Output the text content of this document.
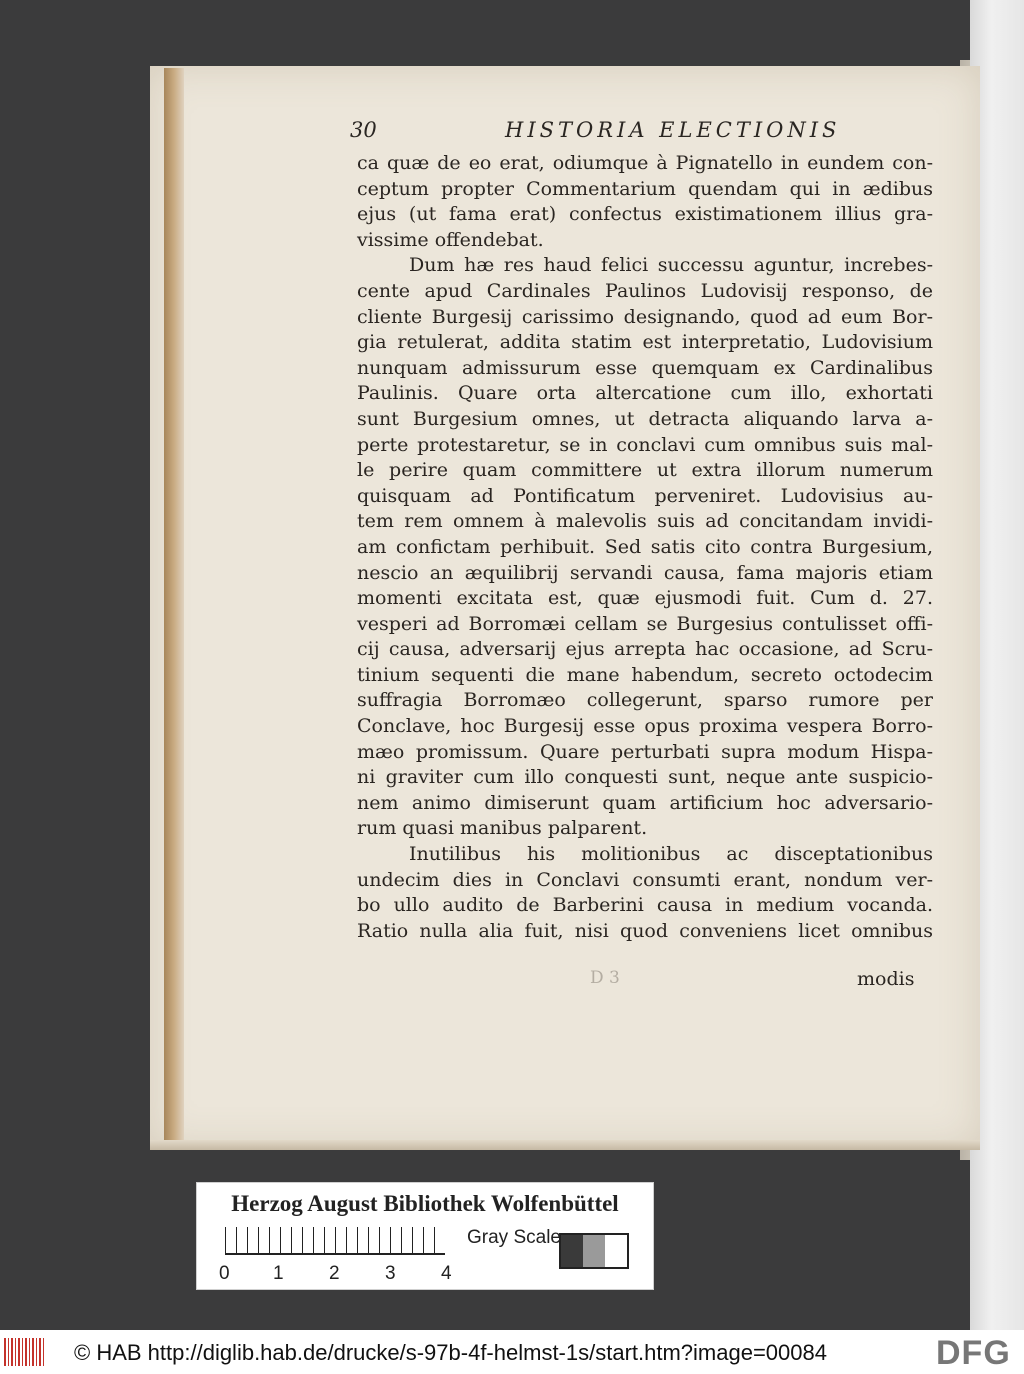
30	HISTORIA ELECTIONIS
ca quæ de eo erat, odiumque à Pignatello in eundem con-
ceptum propter Commentarium quendam qui in ædibus
ejus (ut fama erat) confectus existimationem illius gra-
vissime offendebat.
Dum hæ res haud felici successu aguntur, increbes-
cente apud Cardinales Paulinos Ludovisij responso, de
cliente Burgesij carissimo designando, quod ad eum Bor-
gia retulerat, addita statim est interpretatio, Ludovisium
nunquam admissurum esse quemquam ex Cardinalibus
Paulinis. Quare orta altercatione cum illo, exhortati
sunt Burgesium omnes, ut detracta aliquando larva a-
perte protestaretur, se in conclavi cum omnibus suis mal-
le perire quam committere ut extra illorum numerum
quisquam ad Pontificatum perveniret. Ludovisius au-
tem rem omnem à malevolis suis ad concitandam invidi-
am confictam perhibuit. Sed satis cito contra Burgesium,
nescio an æquilibrij servandi causa, fama majoris etiam
momenti excitata est, quæ ejusmodi fuit. Cum d. 27.
vesperi ad Borromæi cellam se Burgesius contulisset offi-
cij causa, adversarij ejus arrepta hac occasione, ad Scru-
tinium sequenti die mane habendum, secreto octodecim
suffragia Borromæo collegerunt, sparso rumore per
Conclave, hoc Burgesij esse opus proxima vespera Borro-
mæo promissum. Quare perturbati supra modum Hispa-
ni graviter cum illo conquesti sunt, neque ante suspicio-
nem animo dimiserunt quam artificium hoc adversario-
rum quasi manibus palparent.
Inutilibus his molitionibus ac disceptationibus
undecim dies in Conclavi consumti erant, nondum ver-
bo ullo audito de Barberini causa in medium vocanda.
Ratio nulla alia fuit, nisi quod conveniens licet omnibus
D 3	modis
Herzog August Bibliothek Wolfenbüttel
0 1 2 3 4
Gray Scale
© HAB http://diglib.hab.de/drucke/s-97b-4f-helmst-1s/start.htm?image=00084	DFG
